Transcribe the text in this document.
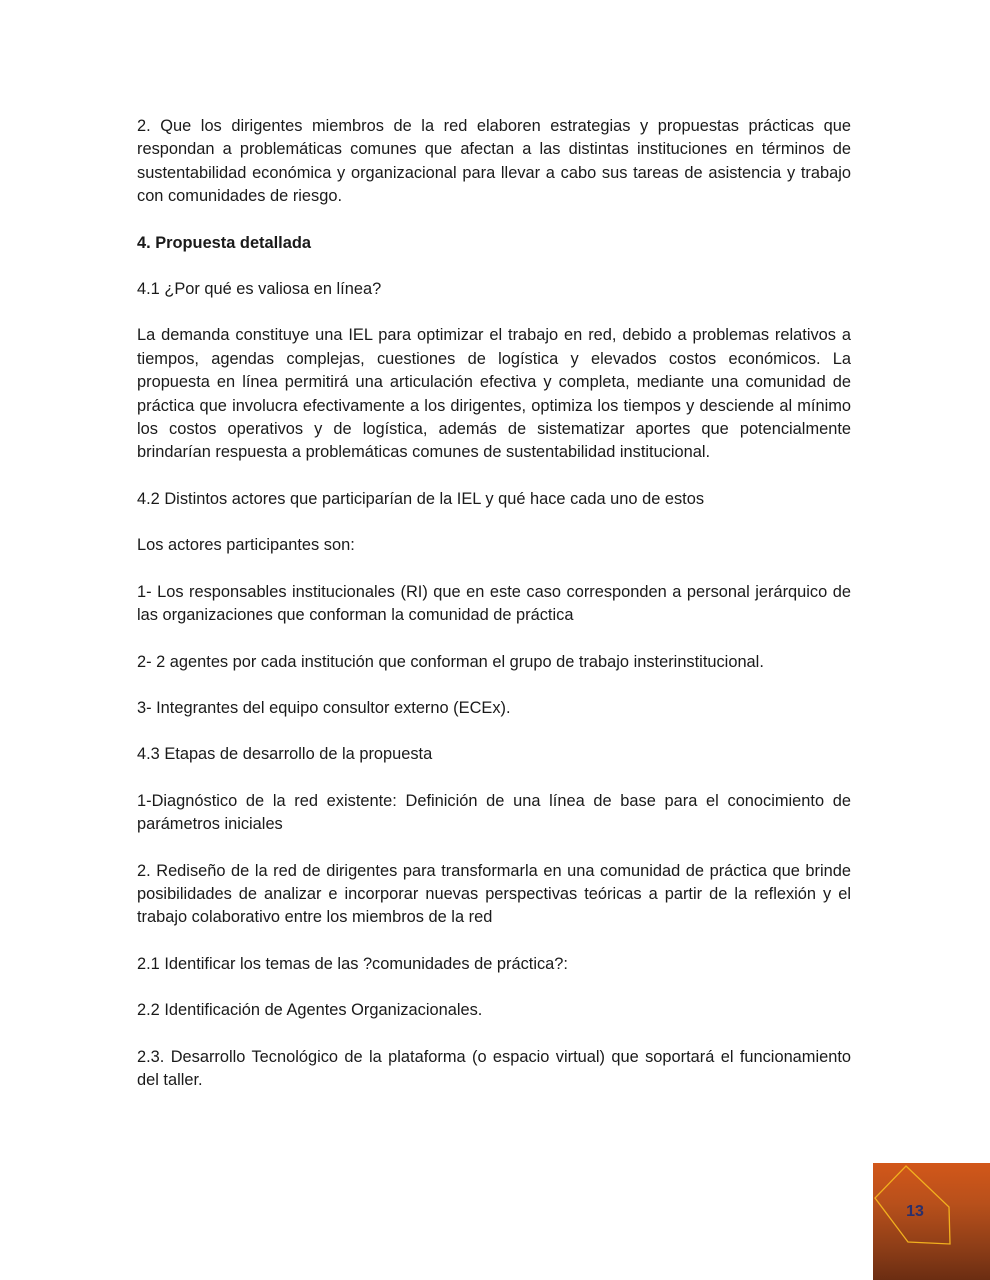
2. Que los dirigentes miembros de la red elaboren estrategias y propuestas prácticas que respondan a problemáticas comunes que afectan a las distintas instituciones en términos de sustentabilidad económica y organizacional para llevar a cabo sus tareas de asistencia y trabajo con comunidades de riesgo.

4. Propuesta detallada

4.1 ¿Por qué es valiosa en línea?

La demanda constituye una IEL para optimizar el trabajo en red, debido a problemas relativos a tiempos, agendas complejas, cuestiones de logística y elevados costos económicos. La propuesta en línea permitirá una articulación efectiva y completa, mediante una comunidad de práctica que involucra efectivamente a los dirigentes, optimiza los tiempos y desciende al mínimo los costos operativos y de logística, además de sistematizar aportes que potencialmente brindarían respuesta a problemáticas comunes de sustentabilidad institucional.

4.2 Distintos actores que participarían de la IEL y qué hace cada uno de estos

Los actores participantes son:

1- Los responsables institucionales (RI) que en este caso corresponden a personal jerárquico de las organizaciones que conforman la comunidad de práctica

2- 2 agentes por cada institución que conforman el grupo de trabajo insterinstitucional.

3- Integrantes del equipo consultor externo (ECEx).

4.3 Etapas de desarrollo de la propuesta

1-Diagnóstico de la red existente: Definición de una línea de base para el conocimiento de parámetros iniciales

2. Rediseño de la red de dirigentes para transformarla en una comunidad de práctica que brinde posibilidades de analizar e incorporar nuevas perspectivas teóricas a partir de la reflexión y el trabajo colaborativo entre los miembros de la red

2.1 Identificar los temas de las ?comunidades de práctica?:

2.2 Identificación de Agentes Organizacionales.

2.3. Desarrollo Tecnológico de la plataforma (o espacio virtual) que soportará el funcionamiento del taller.

13
